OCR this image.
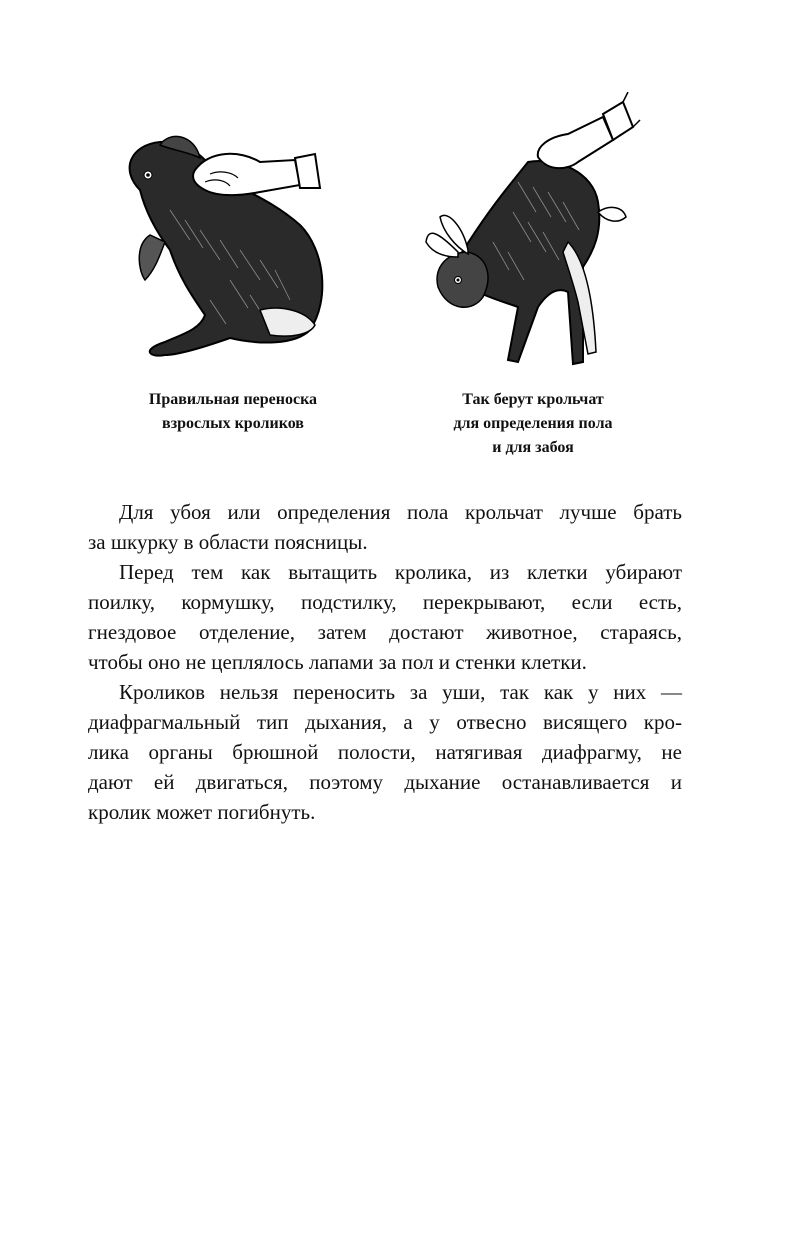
Правильная переноска
взрослых кроликов
Так берут крольчат
для определения пола
и для забоя
Для убоя или определения пола крольчат лучше брать
за шкурку в области поясницы.
Перед тем как вытащить кролика, из клетки убирают
поилку, кормушку, подстилку, перекрывают, если есть,
гнездовое отделение, затем достают животное, стараясь,
чтобы оно не цеплялось лапами за пол и стенки клетки.
Кроликов нельзя переносить за уши, так как у них —
диафрагмальный тип дыхания, а у отвесно висящего кро-
лика органы брюшной полости, натягивая диафрагму, не
дают ей двигаться, поэтому дыхание останавливается и
кролик может погибнуть.
